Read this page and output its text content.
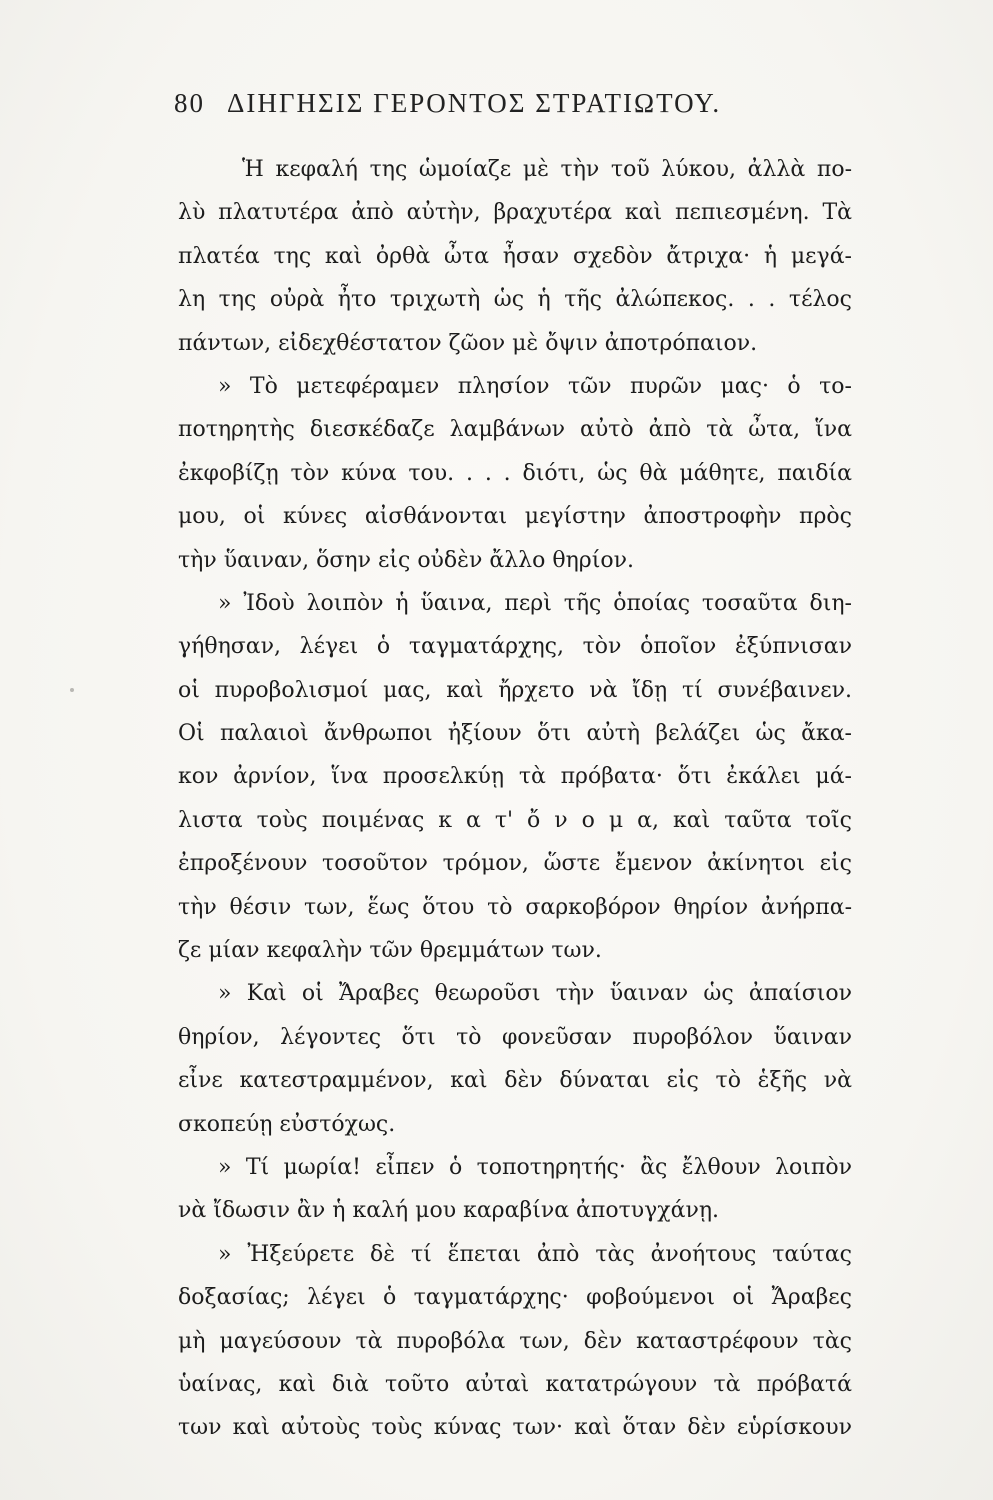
80 ΔΙΗΓΗΣΙΣ ΓΕΡΟΝΤΟΣ ΣΤΡΑΤΙΩΤΟΥ.
Ἡ κεφαλή της ὡμοίαζε μὲ τὴν τοῦ λύκου, ἀλλὰ πο-
λὺ πλατυτέρα ἀπὸ αὐτὴν, βραχυτέρα καὶ πεπιεσμένη. Τὰ
πλατέα της καὶ ὀρθὰ ὦτα ἦσαν σχεδὸν ἄτριχα· ἡ μεγά-
λη της οὐρὰ ἦτο τριχωτὴ ὡς ἡ τῆς ἀλώπεκος. . . τέλος
πάντων, εἰδεχθέστατον ζῶον μὲ ὄψιν ἀποτρόπαιον.
» Τὸ μετεφέραμεν πλησίον τῶν πυρῶν μας· ὁ το-
ποτηρητὴς διεσκέδαζε λαμβάνων αὐτὸ ἀπὸ τὰ ὦτα, ἵνα
ἐκφοβίζῃ τὸν κύνα του. . . . διότι, ὡς θὰ μάθητε, παιδία
μου, οἱ κύνες αἰσθάνονται μεγίστην ἀποστροφὴν πρὸς
τὴν ὕαιναν, ὅσην εἰς οὐδὲν ἄλλο θηρίον.
» Ἰδοὺ λοιπὸν ἡ ὕαινα, περὶ τῆς ὁποίας τοσαῦτα διη-
γήθησαν, λέγει ὁ ταγματάρχης, τὸν ὁποῖον ἐξύπνισαν
οἱ πυροβολισμοί μας, καὶ ἤρχετο νὰ ἴδῃ τί συνέβαινεν.
Οἱ παλαιοὶ ἄνθρωποι ἠξίουν ὅτι αὐτὴ βελάζει ὡς ἄκα-
κον ἀρνίον, ἵνα προσελκύῃ τὰ πρόβατα· ὅτι ἐκάλει μά-
λιστα τοὺς ποιμένας κ α τ' ὄ ν ο μ α, καὶ ταῦτα τοῖς
ἐπροξένουν τοσοῦτον τρόμον, ὥστε ἔμενον ἀκίνητοι εἰς
τὴν θέσιν των, ἕως ὅτου τὸ σαρκοβόρον θηρίον ἀνήρπα-
ζε μίαν κεφαλὴν τῶν θρεμμάτων των.
» Καὶ οἱ Ἄραβες θεωροῦσι τὴν ὕαιναν ὡς ἀπαίσιον
θηρίον, λέγοντες ὅτι τὸ φονεῦσαν πυροβόλον ὕαιναν
εἶνε κατεστραμμένον, καὶ δὲν δύναται εἰς τὸ ἑξῆς νὰ
σκοπεύῃ εὐστόχως.
» Τί μωρία! εἶπεν ὁ τοποτηρητής· ἂς ἔλθουν λοιπὸν
νὰ ἴδωσιν ἂν ἡ καλή μου καραβίνα ἀποτυγχάνῃ.
» Ἠξεύρετε δὲ τί ἕπεται ἀπὸ τὰς ἀνοήτους ταύτας
δοξασίας; λέγει ὁ ταγματάρχης· φοβούμενοι οἱ Ἄραβες
μὴ μαγεύσουν τὰ πυροβόλα των, δὲν καταστρέφουν τὰς
ὑαίνας, καὶ διὰ τοῦτο αὐταὶ κατατρώγουν τὰ πρόβατά
των καὶ αὐτοὺς τοὺς κύνας των· καὶ ὅταν δὲν εὑρίσκουν
